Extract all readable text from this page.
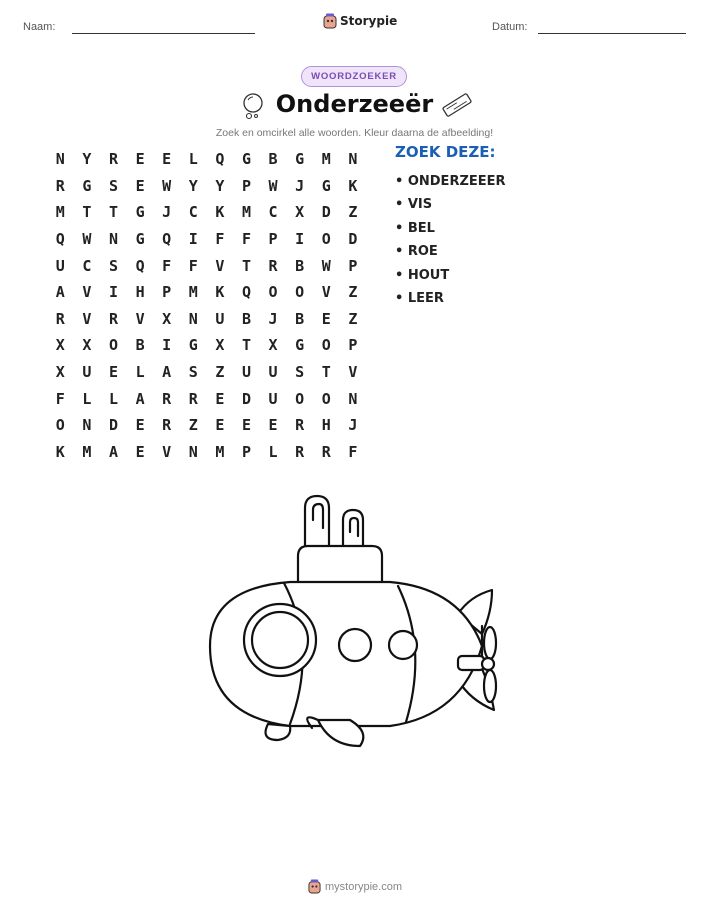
Naam:	Storypie	Datum:
WOORDZOEKER
Onderzeeër
Zoek en omcirkel alle woorden. Kleur daarna de afbeelding!
N	Y	R	E	E	L	Q	G	B	G	M	N
R	G	S	E	W	Y	Y	P	W	J	G	K
M	T	T	G	J	C	K	M	C	X	D	Z
Q	W	N	G	Q	I	F	F	P	I	O	D
U	C	S	Q	F	F	V	T	R	B	W	P
A	V	I	H	P	M	K	Q	O	O	V	Z
R	V	R	V	X	N	U	B	J	B	E	Z
X	X	O	B	I	G	X	T	X	G	O	P
X	U	E	L	A	S	Z	U	U	S	T	V
F	L	L	A	R	R	E	D	U	O	O	N
O	N	D	E	R	Z	E	E	E	R	H	J
K	M	A	E	V	N	M	P	L	R	R	F
ZOEK DEZE:
• ONDERZEEER
• VIS
• BEL
• ROE
• HOUT
• LEER
mystorypie.com
